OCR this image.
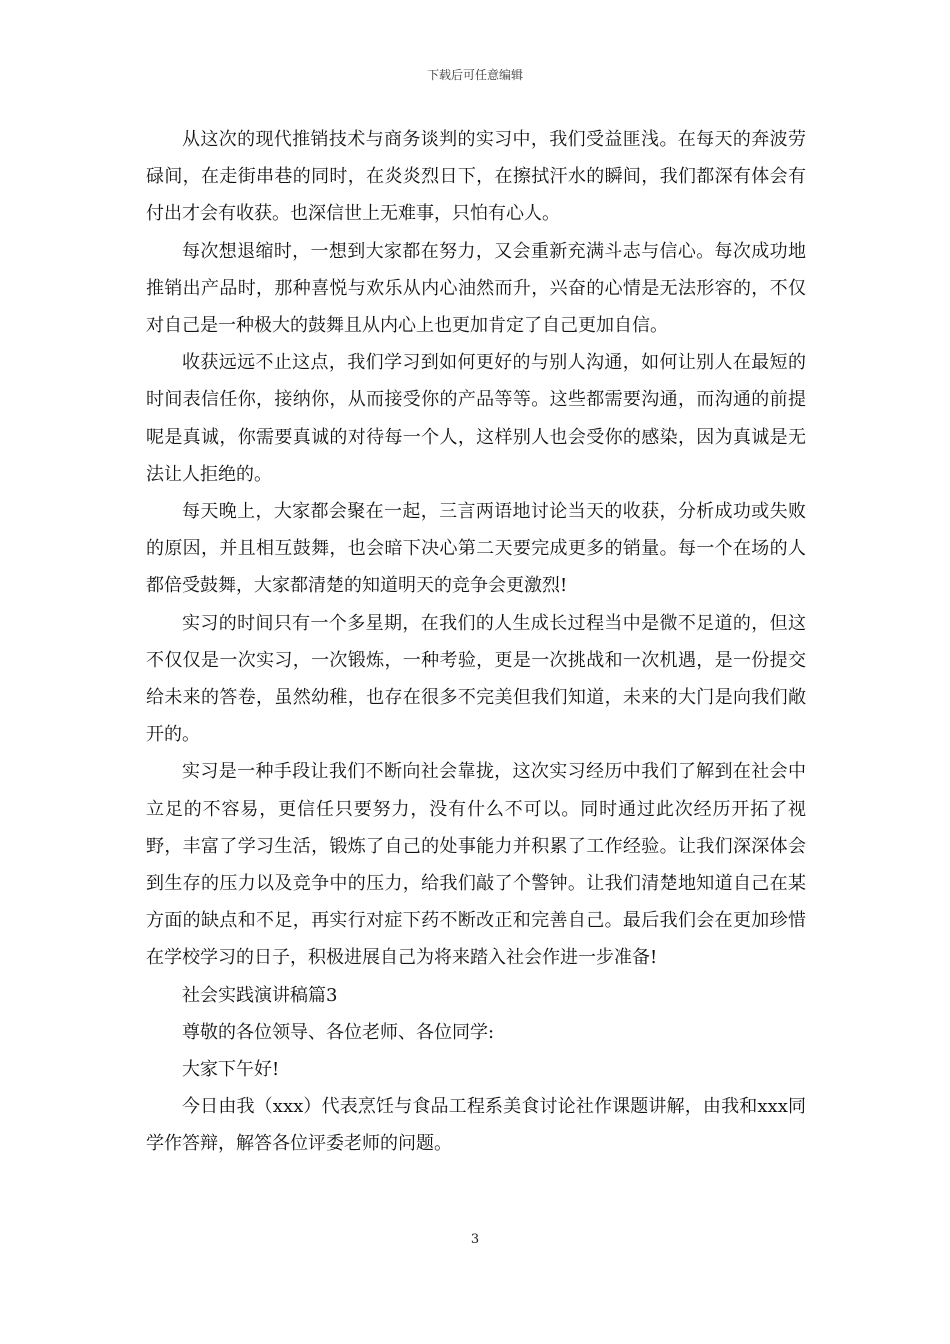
下载后可任意编辑

从这次的现代推销技术与商务谈判的实习中，我们受益匪浅。在每天的奔波劳碌间，在走街串巷的同时，在炎炎烈日下，在擦拭汗水的瞬间，我们都深有体会有付出才会有收获。也深信世上无难事，只怕有心人。

每次想退缩时，一想到大家都在努力，又会重新充满斗志与信心。每次成功地推销出产品时，那种喜悦与欢乐从内心油然而升，兴奋的心情是无法形容的，不仅对自己是一种极大的鼓舞且从内心上也更加肯定了自己更加自信。

收获远远不止这点，我们学习到如何更好的与别人沟通，如何让别人在最短的时间表信任你，接纳你，从而接受你的产品等等。这些都需要沟通，而沟通的前提呢是真诚，你需要真诚的对待每一个人，这样别人也会受你的感染，因为真诚是无法让人拒绝的。

每天晚上，大家都会聚在一起，三言两语地讨论当天的收获，分析成功或失败的原因，并且相互鼓舞，也会暗下决心第二天要完成更多的销量。每一个在场的人都倍受鼓舞，大家都清楚的知道明天的竞争会更激烈!

实习的时间只有一个多星期，在我们的人生成长过程当中是微不足道的，但这不仅仅是一次实习，一次锻炼，一种考验，更是一次挑战和一次机遇，是一份提交给未来的答卷，虽然幼稚，也存在很多不完美但我们知道，未来的大门是向我们敞开的。

实习是一种手段让我们不断向社会靠拢，这次实习经历中我们了解到在社会中立足的不容易，更信任只要努力，没有什么不可以。同时通过此次经历开拓了视野，丰富了学习生活，锻炼了自己的处事能力并积累了工作经验。让我们深深体会到生存的压力以及竞争中的压力，给我们敲了个警钟。让我们清楚地知道自己在某方面的缺点和不足，再实行对症下药不断改正和完善自己。最后我们会在更加珍惜在学校学习的日子，积极进展自己为将来踏入社会作进一步准备!

社会实践演讲稿篇3

尊敬的各位领导、各位老师、各位同学:

大家下午好!

今日由我（xxx）代表烹饪与食品工程系美食讨论社作课题讲解，由我和xxx同学作答辩，解答各位评委老师的问题。

3
